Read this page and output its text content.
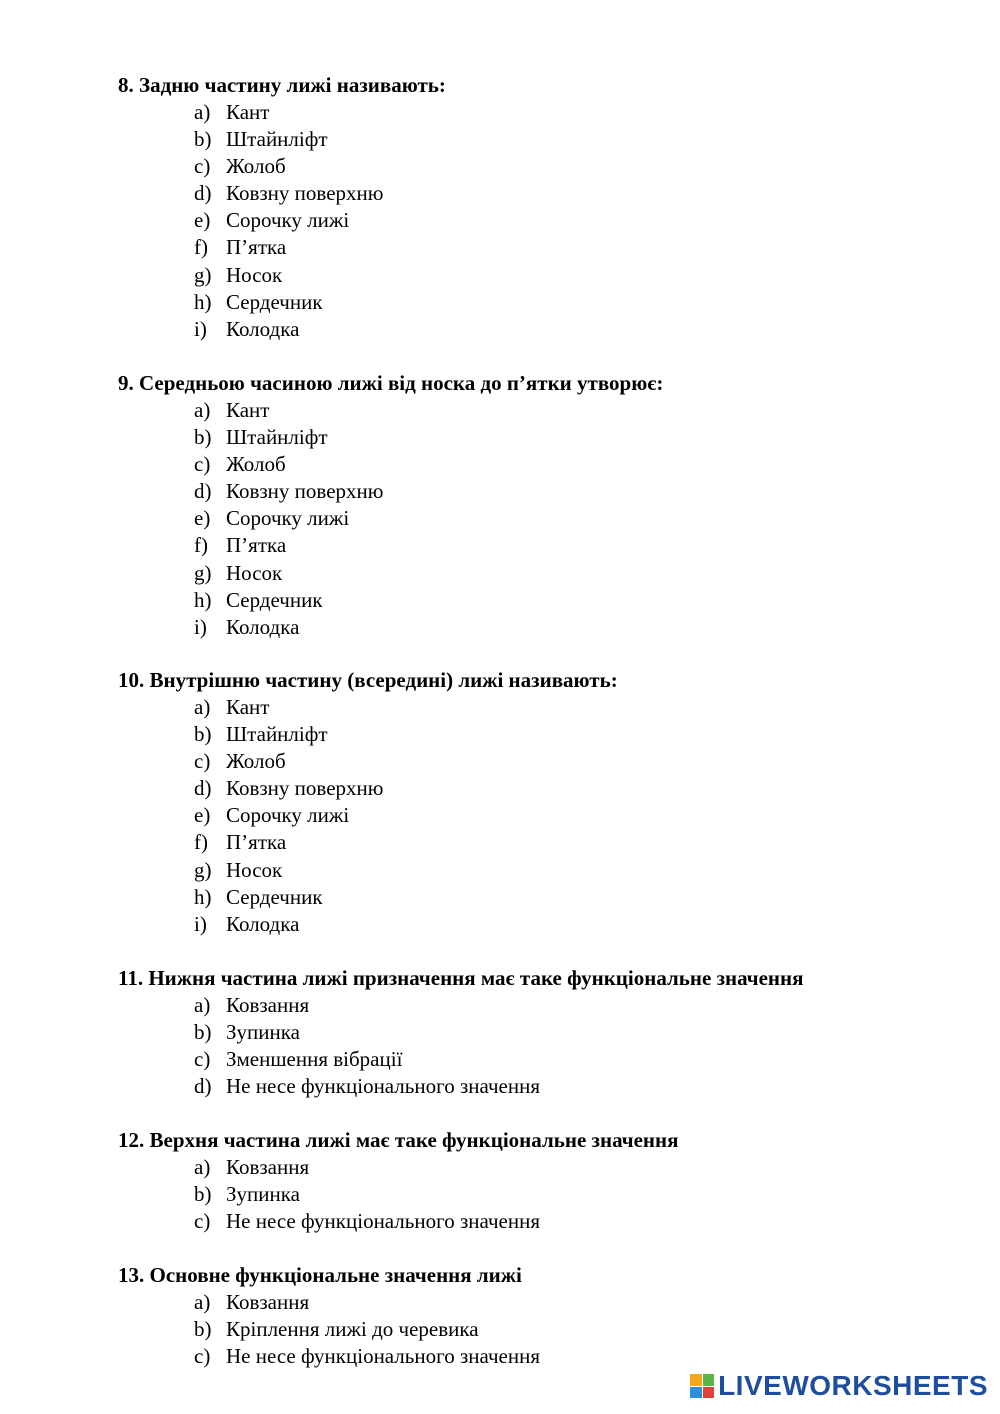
8. Задню частину лижі називають:

a) Кант
b) Штайнліфт
c) Жолоб
d) Ковзну поверхню
e) Сорочку лижі
f) П’ятка
g) Носок
h) Сердечник
i) Колодка

9. Середньою часиною лижі від носка до п’ятки утворює:

a) Кант
b) Штайнліфт
c) Жолоб
d) Ковзну поверхню
e) Сорочку лижі
f) П’ятка
g) Носок
h) Сердечник
i) Колодка

10. Внутрішню частину (всередині) лижі називають:

a) Кант
b) Штайнліфт
c) Жолоб
d) Ковзну поверхню
e) Сорочку лижі
f) П’ятка
g) Носок
h) Сердечник
i) Колодка

11. Нижня частина лижі призначення має таке функціональне значення

a) Ковзання
b) Зупинка
c) Зменшення вібрації
d) Не несе функціонального значення

12. Верхня частина лижі має таке функціональне значення

a) Ковзання
b) Зупинка
c) Не несе функціонального значення

13. Основне функціональне значення лижі

a) Ковзання
b) Кріплення лижі до черевика
c) Не несе функціонального значення
LIVEWORKSHEETS
